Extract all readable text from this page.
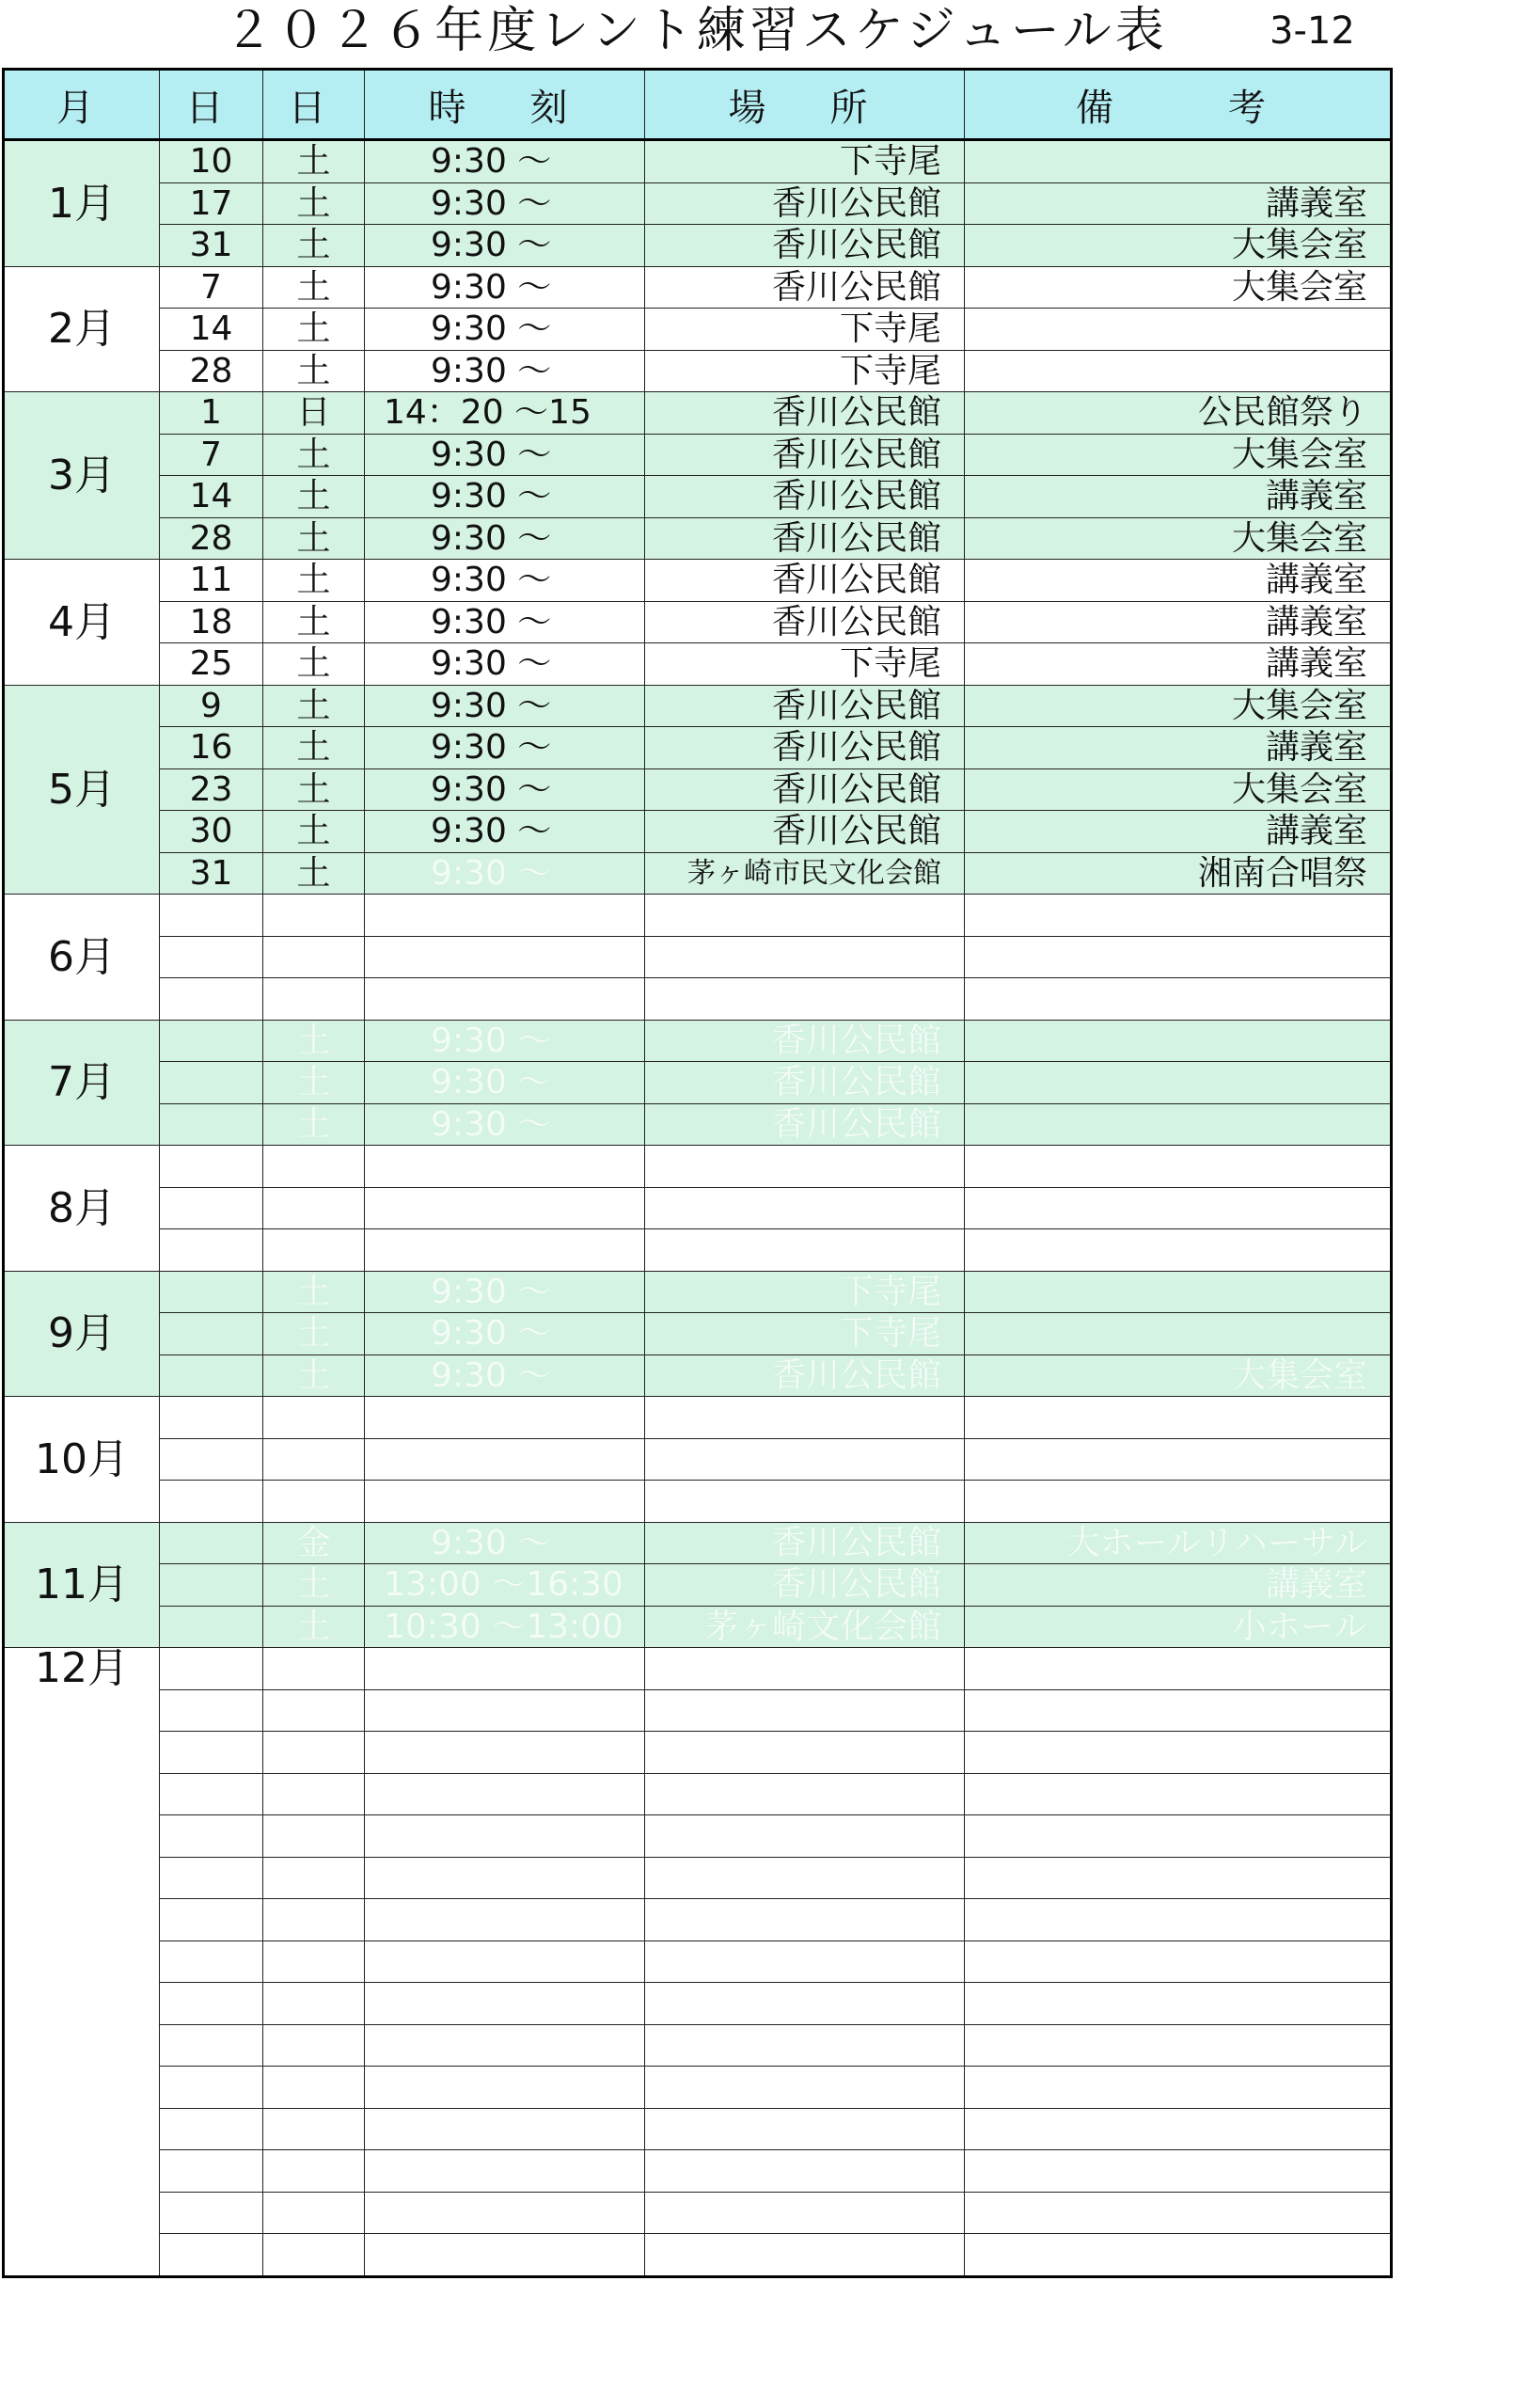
２０２６年度レント練習スケジュール表	3-12
月	日	日	時　刻	場　所	備　　考
1月	10	土	9:30 ～	下寺尾	
	17	土	9:30 ～	香川公民館	講義室
	31	土	9:30 ～	香川公民館	大集会室
2月	7	土	9:30 ～	香川公民館	大集会室
	14	土	9:30 ～	下寺尾	
	28	土	9:30 ～	下寺尾	
3月	1	日	14：20 ～15	香川公民館	公民館祭り
	7	土	9:30 ～	香川公民館	大集会室
	14	土	9:30 ～	香川公民館	講義室
	28	土	9:30 ～	香川公民館	大集会室
4月	11	土	9:30 ～	香川公民館	講義室
	18	土	9:30 ～	香川公民館	講義室
	25	土	9:30 ～	下寺尾	講義室
5月	9	土	9:30 ～	香川公民館	大集会室
	16	土	9:30 ～	香川公民館	講義室
	23	土	9:30 ～	香川公民館	大集会室
	30	土	9:30 ～	香川公民館	講義室
	31	土	9:30 ～	茅ヶ崎市民文化会館	湘南合唱祭
6月					

7月		土	9:30 ～	香川公民館	
		土	9:30 ～	香川公民館	
		土	9:30 ～	香川公民館	
8月					

9月		土	9:30 ～	下寺尾	
		土	9:30 ～	下寺尾	
		土	9:30 ～	香川公民館	大集会室
10月					

11月		金	9:30 ～	香川公民館	大ホールリハーサル
		土	13:00 ～16:30	香川公民館	講義室
		土	10:30 ～13:00	茅ヶ崎文化会館	小ホール
12月					
